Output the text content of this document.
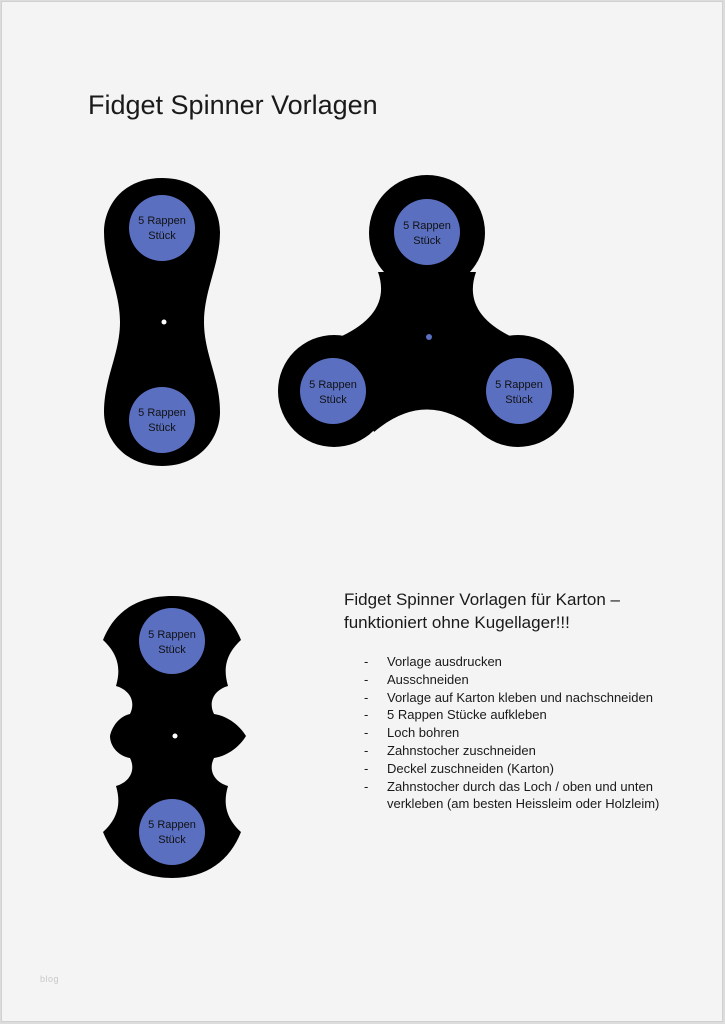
Fidget Spinner Vorlagen
5 Rappen
Stück
5 Rappen
Stück
5 Rappen
Stück
5 Rappen
Stück
5 Rappen
Stück
5 Rappen
Stück
5 Rappen
Stück
Fidget Spinner Vorlagen für Karton –
funktioniert ohne Kugellager!!!
- Vorlage ausdrucken
- Ausschneiden
- Vorlage auf Karton kleben und nachschneiden
- 5 Rappen Stücke aufkleben
- Loch bohren
- Zahnstocher zuschneiden
- Deckel zuschneiden (Karton)
- Zahnstocher durch das Loch / oben und unten verkleben (am besten Heissleim oder Holzleim)
blog
